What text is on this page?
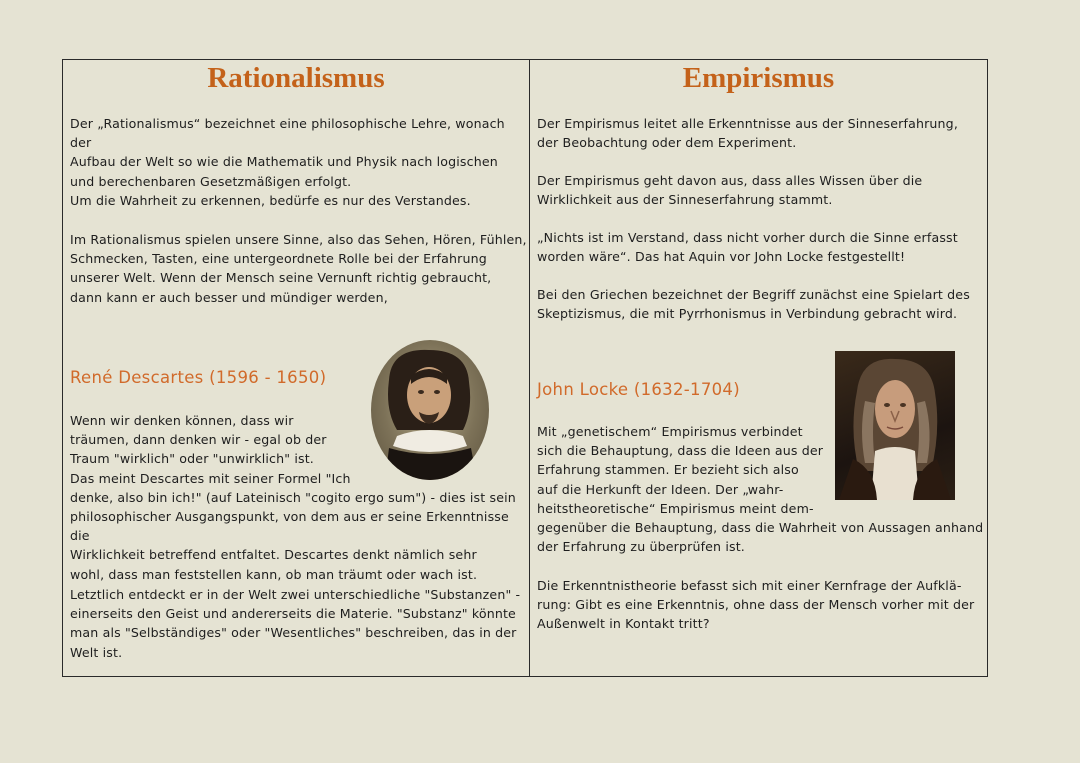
Rationalismus

Der „Rationalismus“ bezeichnet eine philosophische Lehre, wonach der
Aufbau der Welt so wie die Mathematik und Physik nach logischen
und berechenbaren Gesetzmäßigen erfolgt.

Um die Wahrheit zu erkennen, bedürfe es nur des Verstandes.

Im Rationalismus spielen unsere Sinne, also das Sehen, Hören, Fühlen,
Schmecken, Tasten, eine untergeordnete Rolle bei der Erfahrung
unserer Welt. Wenn der Mensch seine Vernunft richtig gebraucht,
dann kann er auch besser und mündiger werden,

René Descartes (1596 - 1650)

Wenn wir denken können, dass wir
träumen, dann denken wir - egal ob der
Traum "wirklich" oder "unwirklich" ist.
Das meint Descartes mit seiner Formel "Ich
denke, also bin ich!" (auf Lateinisch "cogito ergo sum") - dies ist sein
philosophischer Ausgangspunkt, von dem aus er seine Erkenntnisse die
Wirklichkeit betreffend entfaltet. Descartes denkt nämlich sehr
wohl, dass man feststellen kann, ob man träumt oder wach ist.

Letztlich entdeckt er in der Welt zwei unterschiedliche "Substanzen" -
einerseits den Geist und andererseits die Materie. "Substanz" könnte
man als "Selbständiges" oder "Wesentliches" beschreiben, das in der
Welt ist.

Empirismus

Der Empirismus leitet alle Erkenntnisse aus der Sinneserfahrung,
der Beobachtung oder dem Experiment.

Der Empirismus geht davon aus, dass alles Wissen über die
Wirklichkeit aus der Sinneserfahrung stammt.

„Nichts ist im Verstand, dass nicht vorher durch die Sinne erfasst
worden wäre“. Das hat Aquin vor John Locke festgestellt!

Bei den Griechen bezeichnet der Begriff zunächst eine Spielart des
Skeptizismus, die mit Pyrrhonismus in Verbindung gebracht wird.

John Locke (1632-1704)

Mit „genetischem“ Empirismus verbindet
sich die Behauptung, dass die Ideen aus der
Erfahrung stammen. Er bezieht sich also
auf die Herkunft der Ideen. Der „wahr-
heitstheoretische“ Empirismus meint dem-
gegenüber die Behauptung, dass die Wahrheit von Aussagen anhand
der Erfahrung zu überprüfen ist.

Die Erkenntnistheorie befasst sich mit einer Kernfrage der Aufklä-
rung: Gibt es eine Erkenntnis, ohne dass der Mensch vorher mit der
Außenwelt in Kontakt tritt?
